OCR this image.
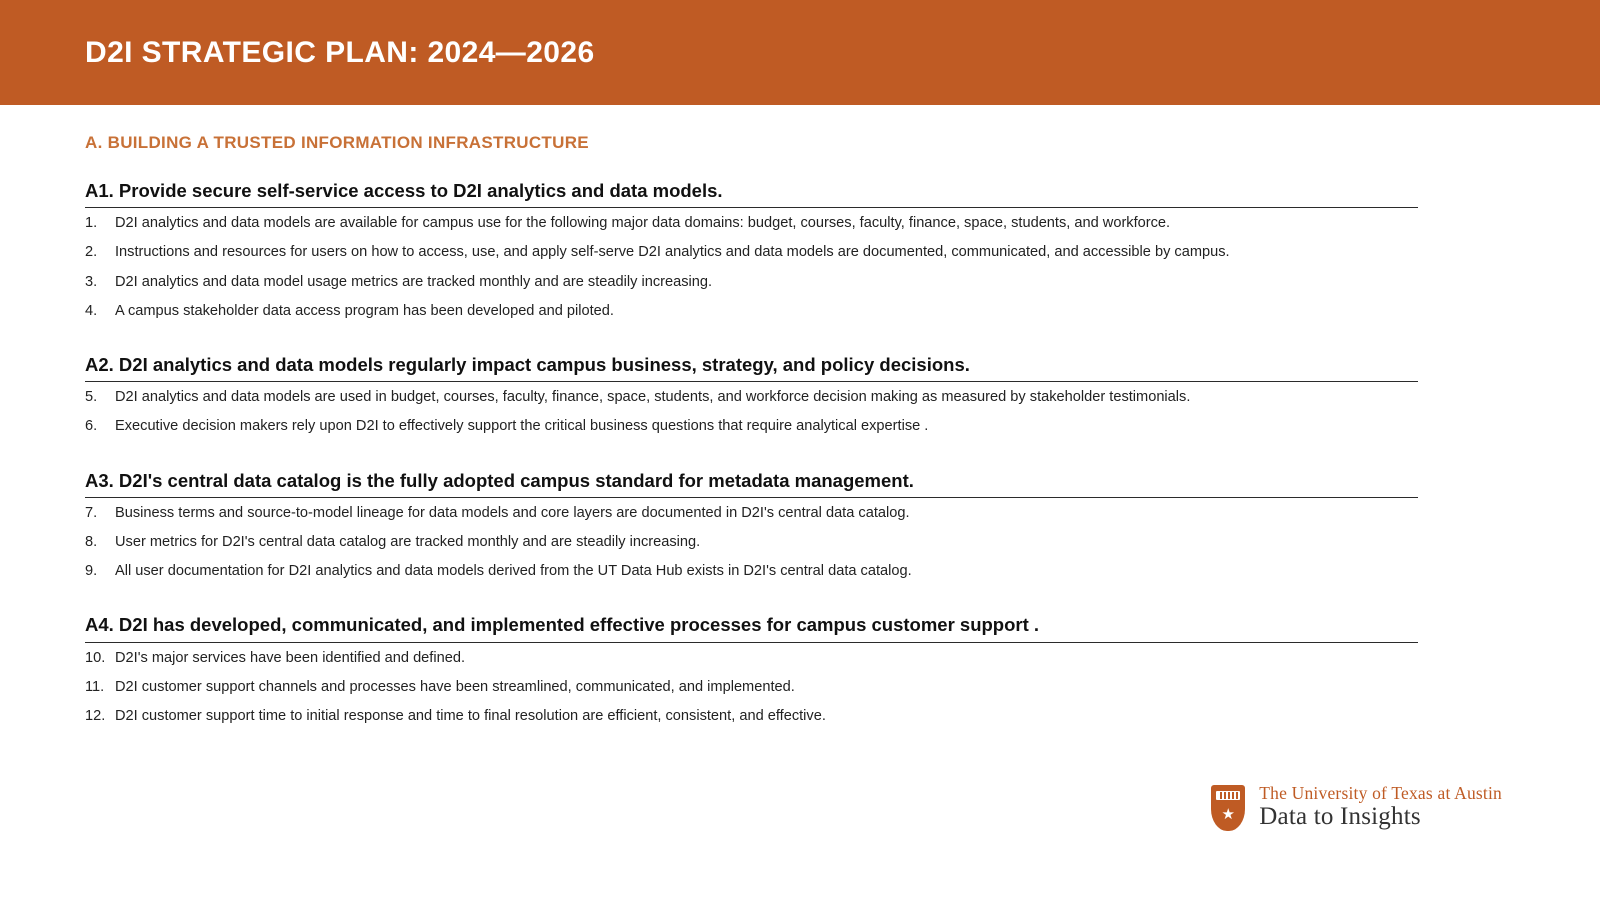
D2I STRATEGIC PLAN: 2024—2026
A. BUILDING A TRUSTED INFORMATION INFRASTRUCTURE
A1. Provide secure self-service access to D2I analytics and data models.
1.	D2I analytics and data models are available for campus use for the following major data domains: budget, courses, faculty, finance, space, students, and workforce.
2.	Instructions and resources for users on how to access, use, and apply self-serve D2I analytics and data models are documented, communicated, and accessible by campus.
3.	D2I analytics and data model usage metrics are tracked monthly and are steadily increasing.
4.	A campus stakeholder data access program has been developed and piloted.
A2. D2I analytics and data models regularly impact campus business, strategy, and policy decisions.
5.	D2I analytics and data models are used in budget, courses, faculty, finance, space, students, and workforce decision making as measured by stakeholder testimonials.
6.	Executive decision makers rely upon D2I to effectively support the critical business questions that require analytical expertise .
A3. D2I's central data catalog is the fully adopted campus standard for metadata management.
7.	Business terms and source-to-model lineage for data models and core layers are documented in D2I's central data catalog.
8.	User metrics for D2I's central data catalog are tracked monthly and are steadily increasing.
9.	All user documentation for D2I analytics and data models derived from the UT Data Hub exists in D2I's central data catalog.
A4. D2I has developed, communicated, and implemented effective processes for campus customer support .
10. D2I's major services have been identified and defined.
11. D2I customer support channels and processes have been streamlined, communicated, and implemented.
12. D2I customer support time to initial response and time to final resolution are efficient, consistent, and effective.
★
The University of Texas at Austin
Data to Insights
